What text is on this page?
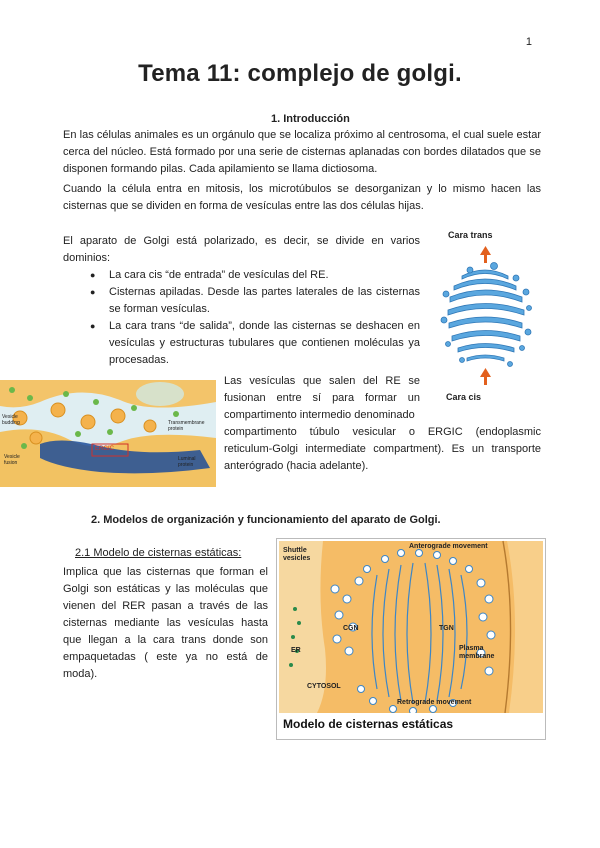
1
Tema 11: complejo de golgi.
1. Introducción
En las células animales es un orgánulo que se localiza próximo al centrosoma, el cual suele estar cerca del núcleo. Está formado por una serie de cisternas aplanadas con bordes dilatados que se disponen formando pilas. Cada apilamiento se llama dictiosoma.
Cuando la célula entra en mitosis, los microtúbulos se desorganizan y lo mismo hacen las cisternas que se dividen en forma de vesículas entre las dos células hijas.
El aparato de Golgi está polarizado, es decir, se divide en varios dominios:
● La cara cis “de entrada” de vesículas del RE.
● Cisternas apiladas. Desde las partes laterales de las cisternas se forman vesículas.
● La cara trans “de salida”, donde las cisternas se deshacen en vesículas y estructuras tubulares que contienen moléculas ya procesadas.
Cara trans
Cara cis
Vesicle budding
Vesicle fusion
ERGIC
Transmembrane protein
Luminal protein
Las vesículas que salen del RE se fusionan entre sí para formar un compartimento intermedio denominado
compartimento túbulo vesicular o ERGIC (endoplasmic reticulum-Golgi intermediate compartment). Es un transporte anterógrado (hacia adelante).
2. Modelos de organización y funcionamiento del aparato de Golgi.
2.1 Modelo de cisternas estáticas:
Implica que las cisternas que forman el Golgi son estáticas y las moléculas que vienen del RER pasan a través de las cisternas mediante las vesículas hasta que llegan a la cara trans donde son empaquetadas ( este ya no está de moda).
Shuttle vesicles
Anterograde movement
CGN	TGN
ER	Plasma membrane
CYTOSOL
Retrograde movement
Modelo de cisternas estáticas
